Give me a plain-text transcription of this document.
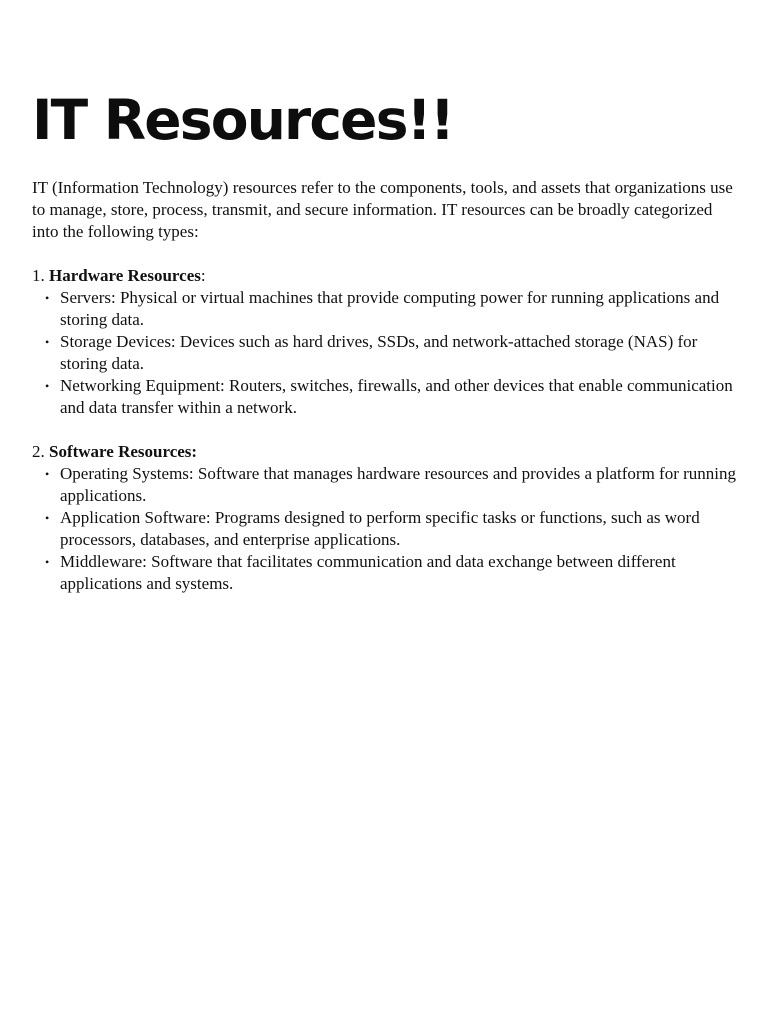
IT Resources!!

IT (Information Technology) resources refer to the components, tools, and assets that organizations use to manage, store, process, transmit, and secure information. IT resources can be broadly categorized into the following types:

1. Hardware Resources:

• Servers: Physical or virtual machines that provide computing power for running applications and storing data.
• Storage Devices: Devices such as hard drives, SSDs, and network-attached storage (NAS) for storing data.
• Networking Equipment: Routers, switches, firewalls, and other devices that enable communication and data transfer within a network.

2. Software Resources:

• Operating Systems: Software that manages hardware resources and provides a platform for running applications.
• Application Software: Programs designed to perform specific tasks or functions, such as word processors, databases, and enterprise applications.
• Middleware: Software that facilitates communication and data exchange between different applications and systems.
